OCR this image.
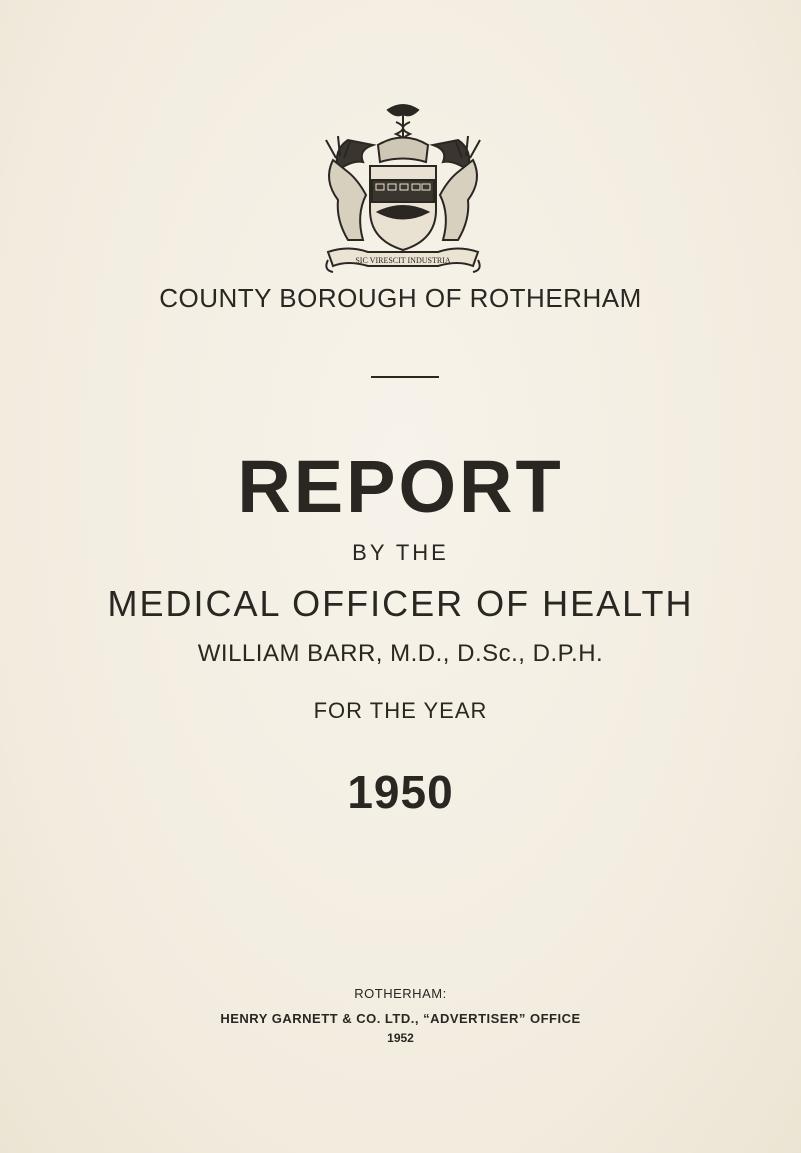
SIC VIRESCIT INDUSTRIA
COUNTY BOROUGH OF ROTHERHAM
REPORT
BY THE
MEDICAL OFFICER OF HEALTH
WILLIAM BARR, M.D., D.Sc., D.P.H.
FOR THE YEAR
1950
ROTHERHAM:
HENRY GARNETT & CO. LTD., “ADVERTISER” OFFICE
1952
